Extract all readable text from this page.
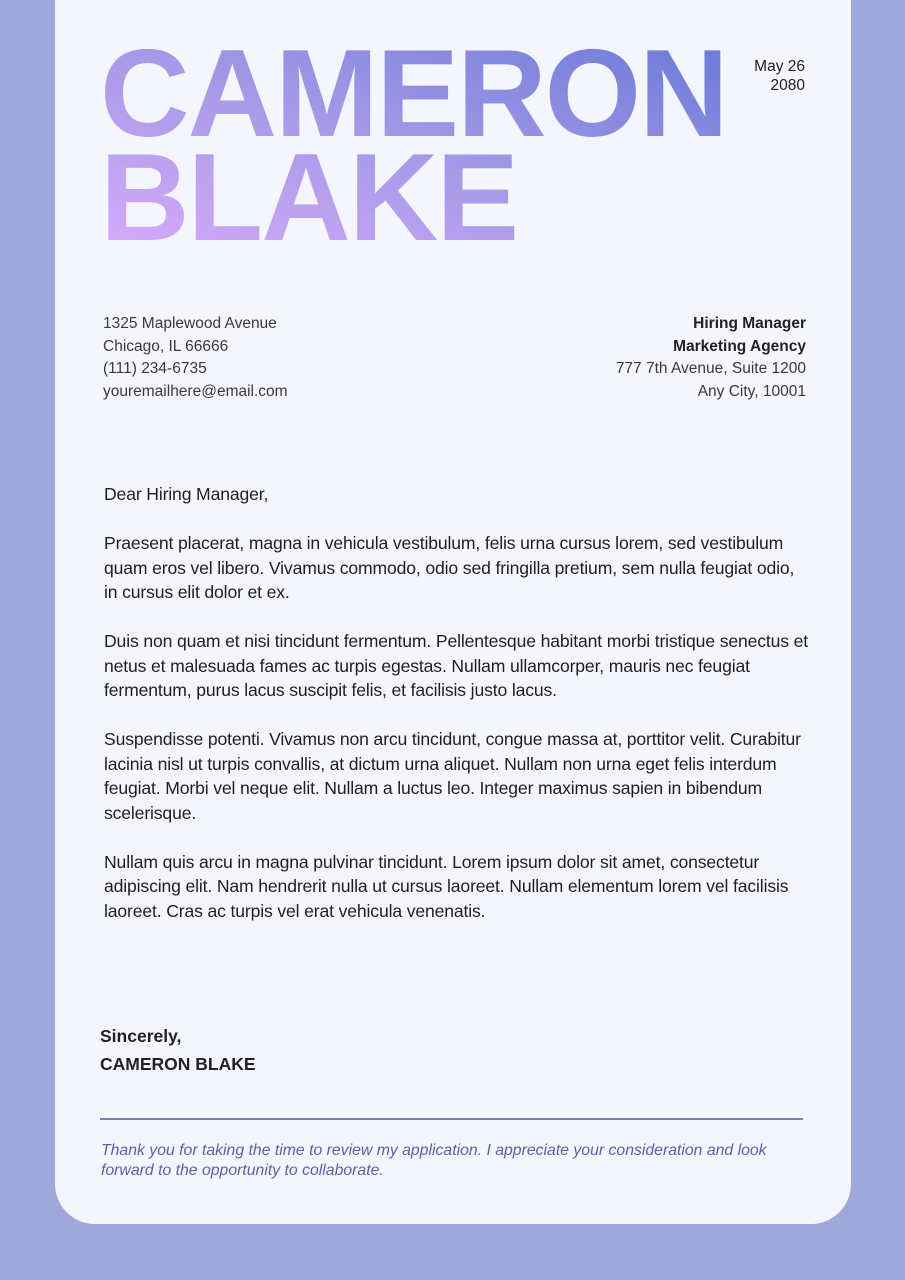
CAMERON
BLAKE
May 26
2080
1325 Maplewood Avenue
Chicago, IL 66666
(111) 234-6735
youremailhere@email.com
Hiring Manager
Marketing Agency
777 7th Avenue, Suite 1200
Any City, 10001

Dear Hiring Manager,

Praesent placerat, magna in vehicula vestibulum, felis urna cursus lorem, sed vestibulum quam eros vel libero. Vivamus commodo, odio sed fringilla pretium, sem nulla feugiat odio, in cursus elit dolor et ex.

Duis non quam et nisi tincidunt fermentum. Pellentesque habitant morbi tristique senectus et netus et malesuada fames ac turpis egestas. Nullam ullamcorper, mauris nec feugiat fermentum, purus lacus suscipit felis, et facilisis justo lacus.

Suspendisse potenti. Vivamus non arcu tincidunt, congue massa at, porttitor velit. Curabitur lacinia nisl ut turpis convallis, at dictum urna aliquet. Nullam non urna eget felis interdum feugiat. Morbi vel neque elit. Nullam a luctus leo. Integer maximus sapien in bibendum scelerisque.

Nullam quis arcu in magna pulvinar tincidunt. Lorem ipsum dolor sit amet, consectetur adipiscing elit. Nam hendrerit nulla ut cursus laoreet. Nullam elementum lorem vel facilisis laoreet. Cras ac turpis vel erat vehicula venenatis.

Sincerely,
CAMERON BLAKE
Thank you for taking the time to review my application. I appreciate your consideration and look forward to the opportunity to collaborate.
